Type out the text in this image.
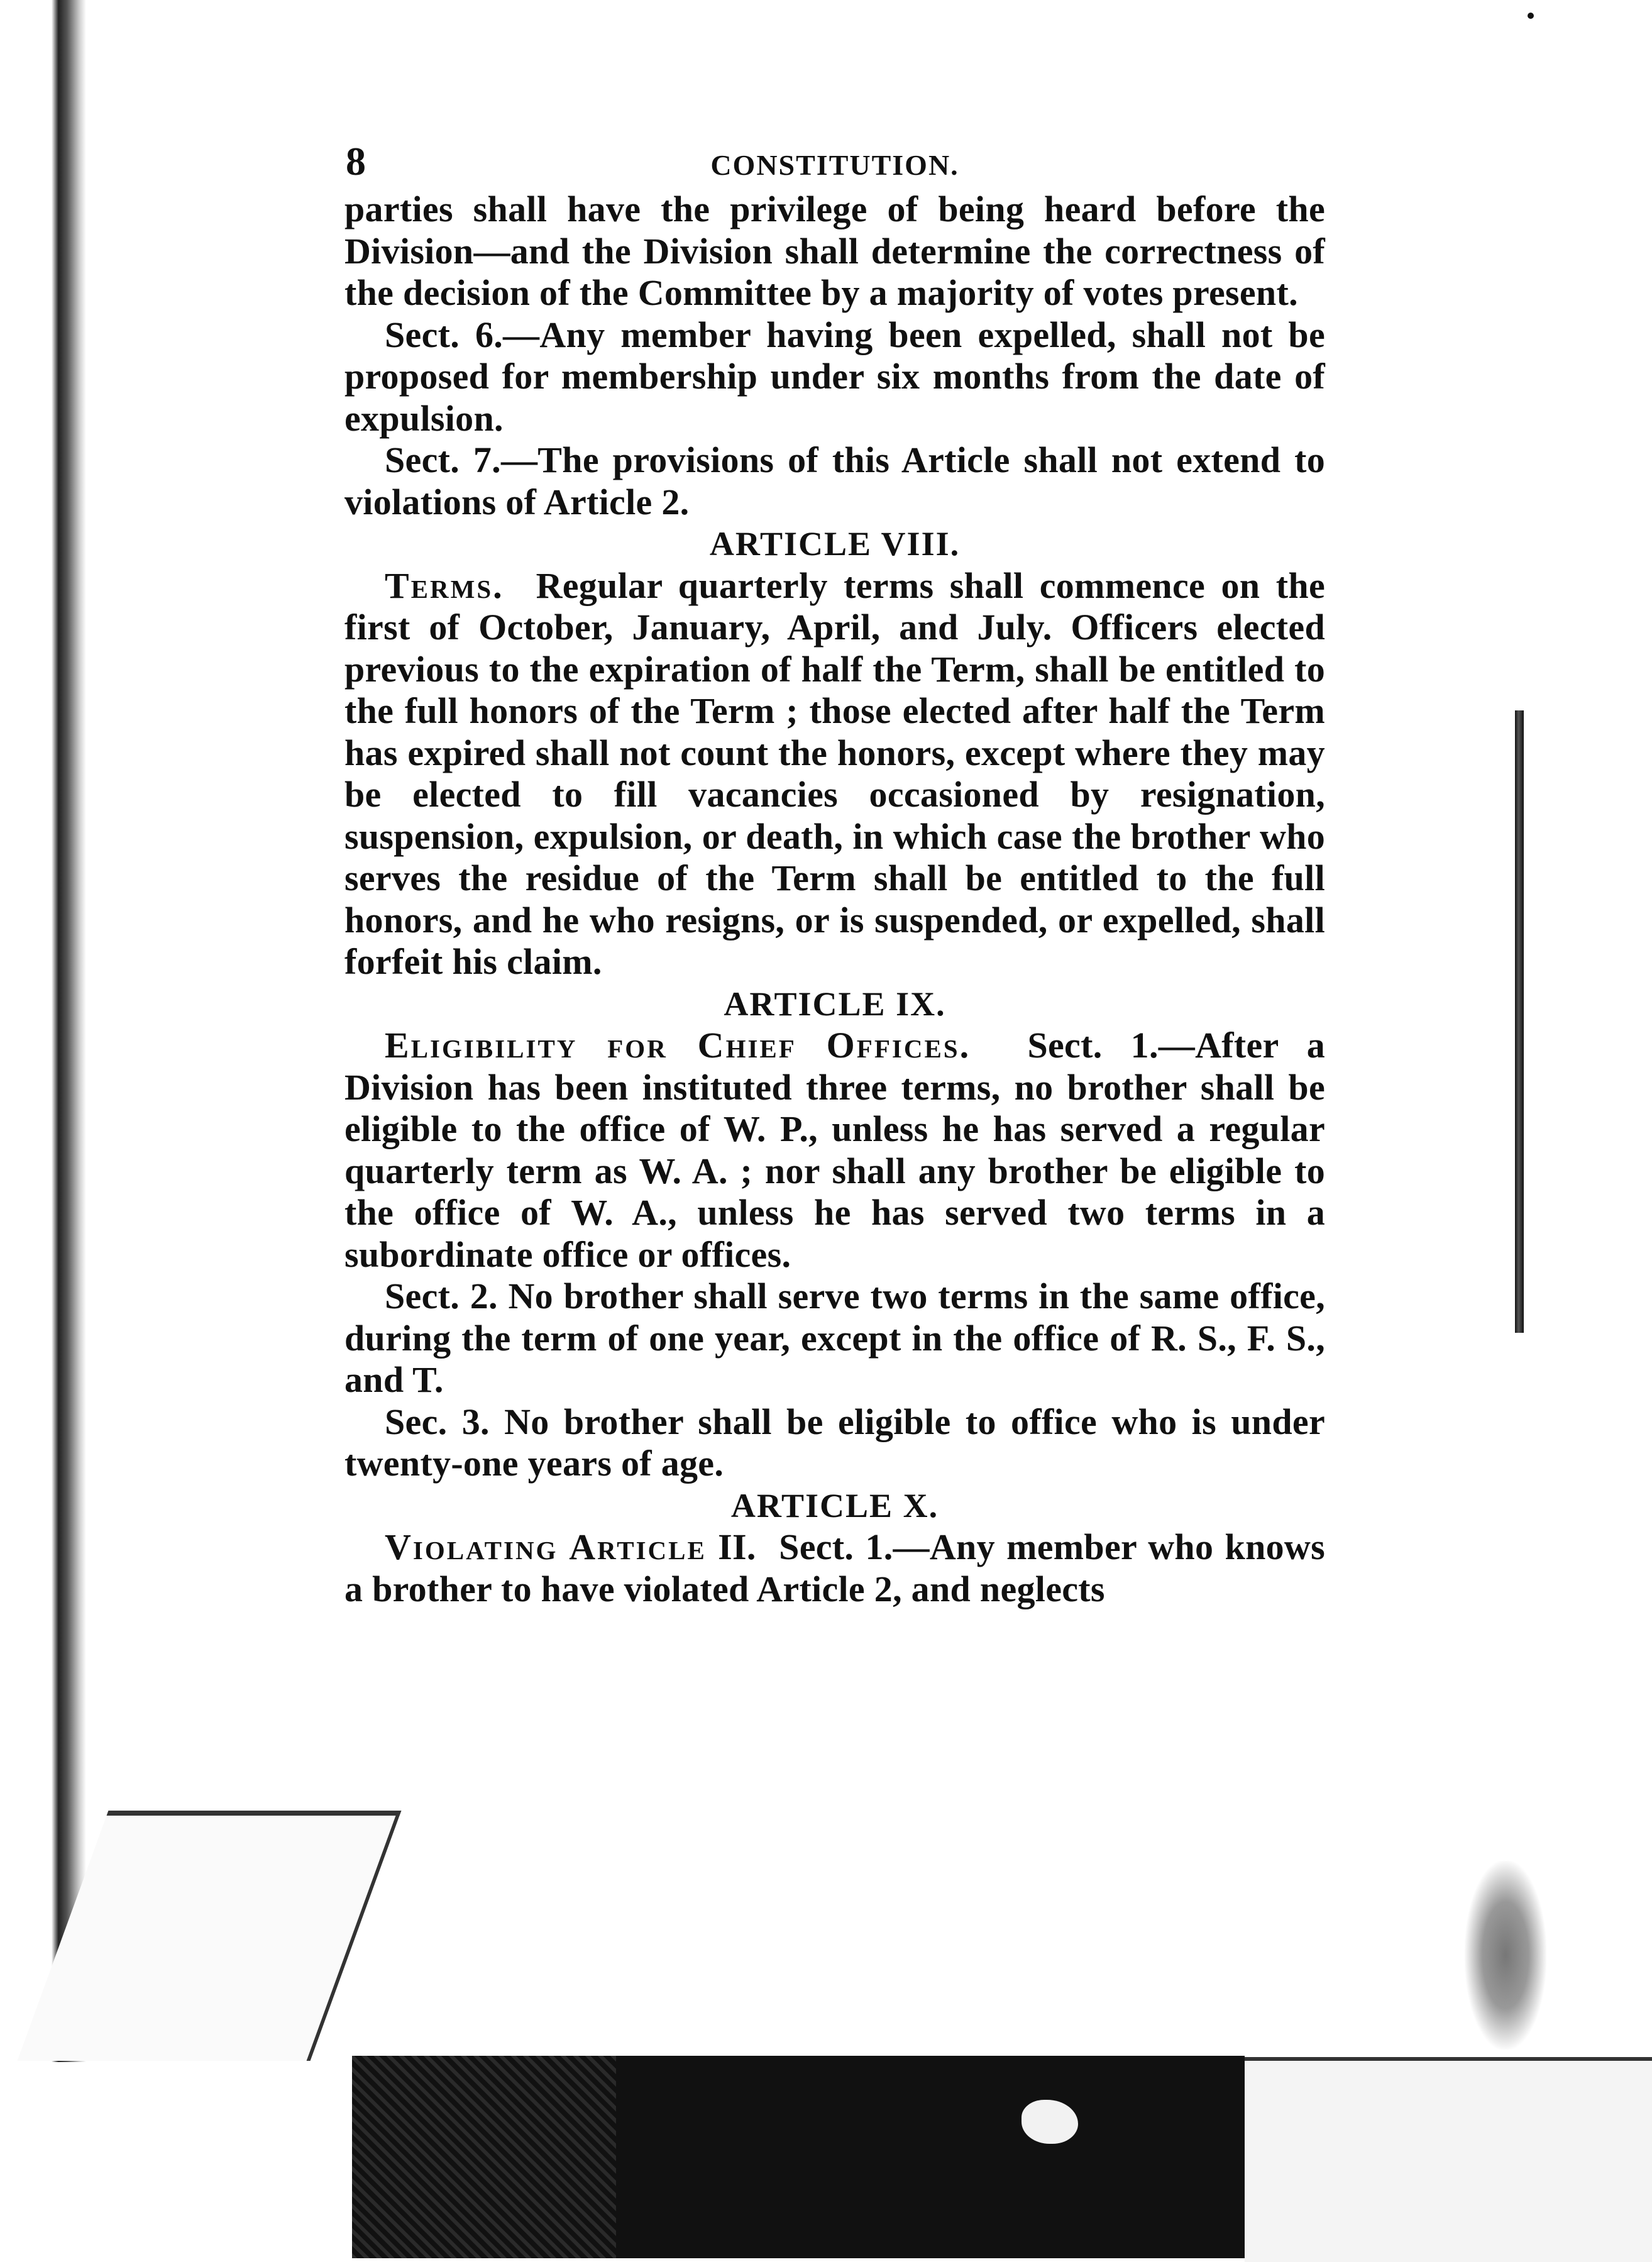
8	CONSTITUTION.

parties shall have the privilege of being heard before the Division—and the Division shall determine the correctness of the decision of the Committee by a majority of votes present.

Sect. 6.—Any member having been expelled, shall not be proposed for membership under six months from the date of expulsion.

Sect. 7.—The provisions of this Article shall not extend to violations of Article 2.

ARTICLE VIII.

Terms. Regular quarterly terms shall commence on the first of October, January, April, and July. Officers elected previous to the expiration of half the Term, shall be entitled to the full honors of the Term ; those elected after half the Term has expired shall not count the honors, except where they may be elected to fill vacancies occasioned by resignation, suspension, expulsion, or death, in which case the brother who serves the residue of the Term shall be entitled to the full honors, and he who resigns, or is suspended, or expelled, shall forfeit his claim.

ARTICLE IX.

Eligibility for Chief Offices. Sect. 1.—After a Division has been instituted three terms, no brother shall be eligible to the office of W. P., unless he has served a regular quarterly term as W. A. ; nor shall any brother be eligible to the office of W. A., unless he has served two terms in a subordinate office or offices.

Sect. 2. No brother shall serve two terms in the same office, during the term of one year, except in the office of R. S., F. S., and T.

Sec. 3. No brother shall be eligible to office who is under twenty-one years of age.

ARTICLE X.

Violating Article II. Sect. 1.—Any member who knows a brother to have violated Article 2, and neglects
